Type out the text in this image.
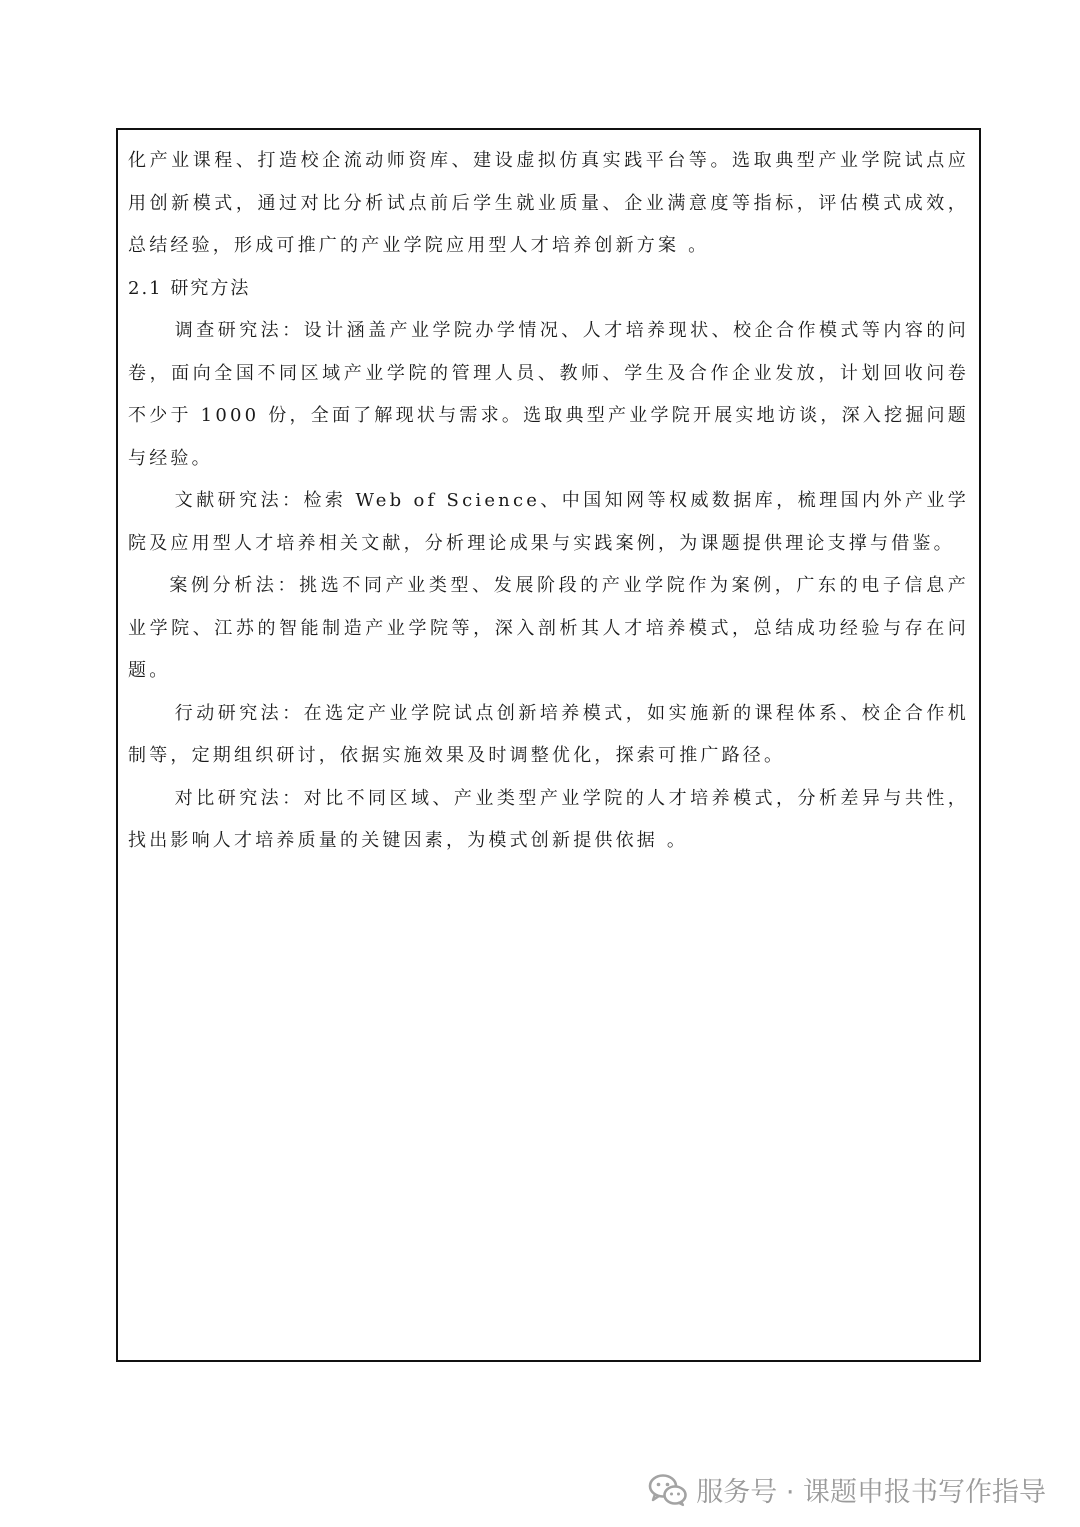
化产业课程、打造校企流动师资库、建设虚拟仿真实践平台等。选取典型产业学院试点应用创新模式，通过对比分析试点前后学生就业质量、企业满意度等指标，评估模式成效，总结经验，形成可推广的产业学院应用型人才培养创新方案 。

2.1 研究方法

调查研究法：设计涵盖产业学院办学情况、人才培养现状、校企合作模式等内容的问卷，面向全国不同区域产业学院的管理人员、教师、学生及合作企业发放，计划回收问卷不少于 1000 份，全面了解现状与需求。选取典型产业学院开展实地访谈，深入挖掘问题与经验。

文献研究法：检索 Web of Science、中国知网等权威数据库，梳理国内外产业学院及应用型人才培养相关文献，分析理论成果与实践案例，为课题提供理论支撑与借鉴。

案例分析法：挑选不同产业类型、发展阶段的产业学院作为案例，广东的电子信息产业学院、江苏的智能制造产业学院等，深入剖析其人才培养模式，总结成功经验与存在问题。

行动研究法：在选定产业学院试点创新培养模式，如实施新的课程体系、校企合作机制等，定期组织研讨，依据实施效果及时调整优化，探索可推广路径。

对比研究法：对比不同区域、产业类型产业学院的人才培养模式，分析差异与共性，找出影响人才培养质量的关键因素，为模式创新提供依据 。

服务号 · 课题申报书写作指导
